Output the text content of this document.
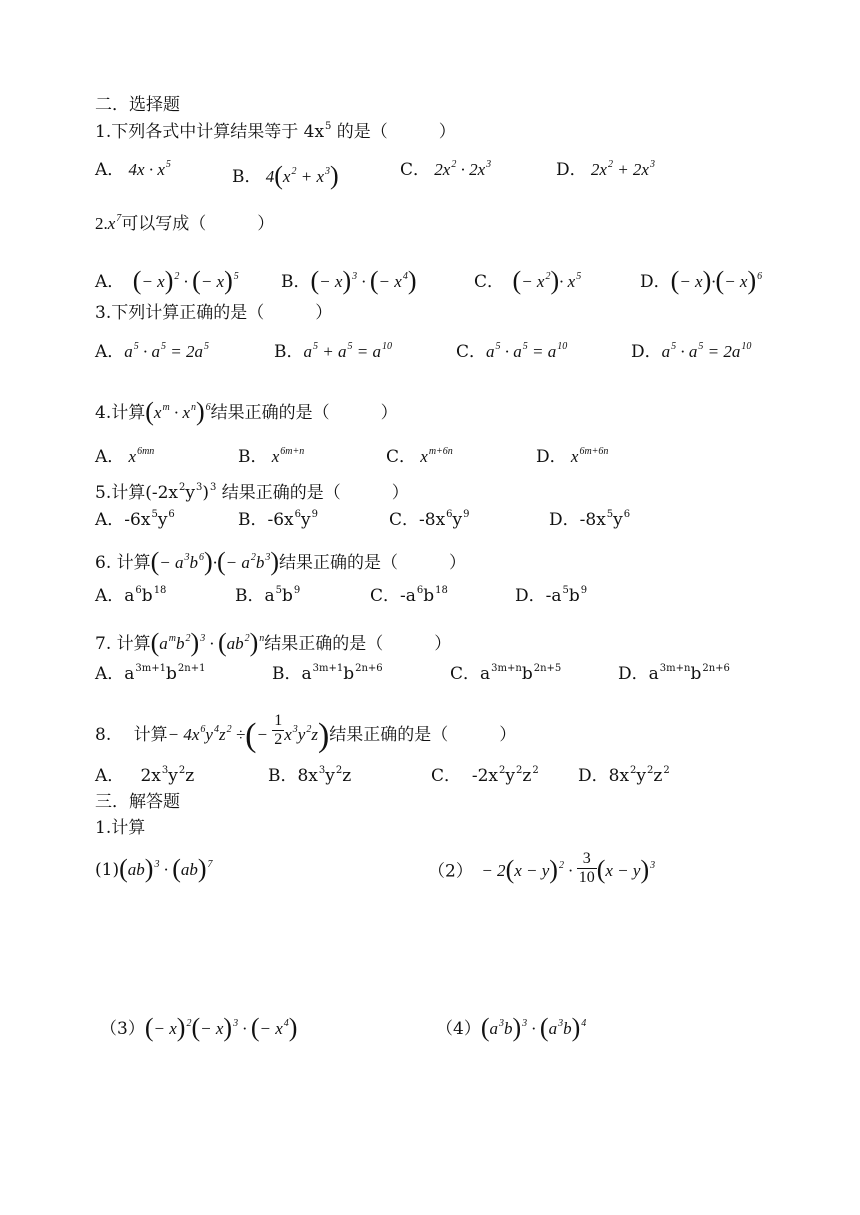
二．选择题
1.下列各式中计算结果等于 $4x^5$ 的是（　　　）
A． $4x \cdot x^5$
B． $4(x^2 + x^3)$	C． $2x^2 \cdot 2x^3$	D． $2x^2 + 2x^3$
$2.x^7$可以写成（　　　）
A． (− x)$^2$ · (− x)$^5$ B．(− x)$^3$ · (− $x^4$)	C． (− $x^2)\cdot x^5$	D．(− $x)\cdot(- x)^6$
3.下列计算正确的是（　　　）
A．$a^5 \cdot a^5 = 2a^5$	B．$a^5 + a^5 = a^{10}$	C．$a^5 \cdot a^5 = a^{10}$	D．$a^5 \cdot a^5 = 2a^{10}$
4.计算$(x^m \cdot x^n)^6$结果正确的是（　　　）
A． $x^{6mn}$	B． $x^{6m+n}$	C． $x^{m+6n}$	D． $x^{6m+6n}$
5.计算$(-2x^2y^3)^3$ 结果正确的是（　　　）
A．$-6x^5y^6$	B．$-6x^6y^9$	C．$-8x^6y^9$	D．$-8x^5y^6$
6. 计算(− $a^3b^6)\cdot(- a^2b^3)$结果正确的是（　　　）
A．$a^6b^{18}$	B．$a^5b^9$	C．$-a^6b^{18}$	D．$-a^5b^9$
7. 计算$(a^mb^2)^3 \cdot (ab^2)^n$结果正确的是（　　　）
A．$a^{3m+1}b^{2n+1}$	B．$a^{3m+1}b^{2n+6}$	C．$a^{3m+n}b^{2n+5}$	D．$a^{3m+n}b^{2n+6}$
8.　 计算− $4x^6y^4z^2$ ÷(− $\frac{1}{2} x^3y^2z$)结果正确的是（　　　）
A．   $2x^3y^2z$	B．$8x^3y^2z$	C．  $-2x^2y^2z^2$ D．$8x^2y^2z^2$
三．解答题
1.计算
(1)(ab)$^3$ · (ab)$^7$	$(2) - 2(x - y)^2 \cdot \frac{3}{10} (x - y)^3$
$(3)(- x)^2(- x)^3$ · (− $x^4$)	$(4)(a^3b)^3 \cdot (a^3b)^4$
